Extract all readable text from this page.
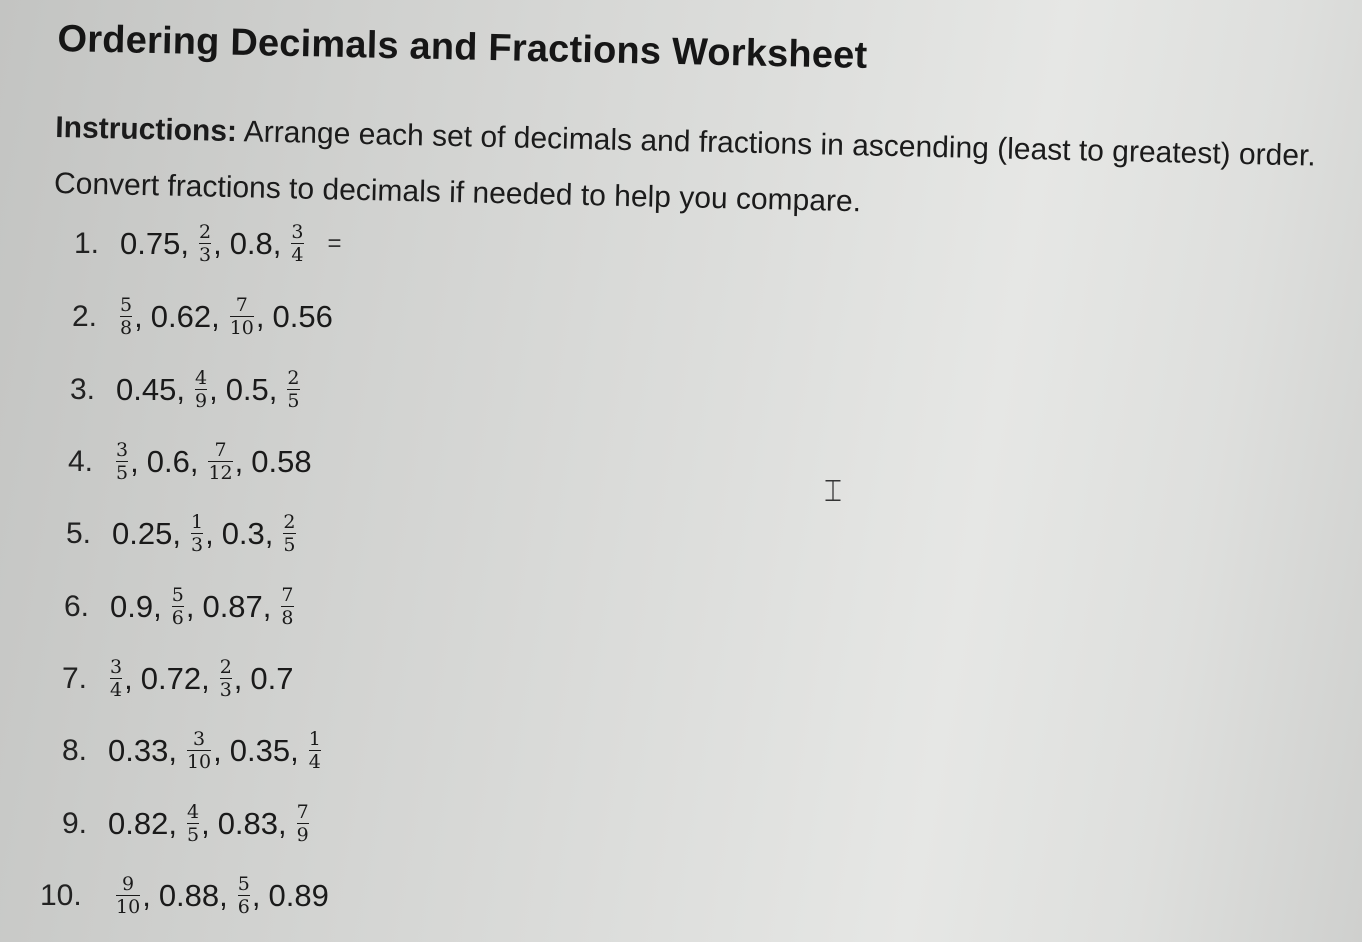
Ordering Decimals and Fractions Worksheet
Instructions: Arrange each set of decimals and fractions in ascending (least to greatest) order.
Convert fractions to decimals if needed to help you compare.
1. 0.75 , $\frac{2}{3}$ , 0.8 , $\frac{3}{4}$ =
2.	$\frac{5}{8}$ , 0.62 , $\frac{7}{10}$ , 0.56
3. 0.45 , $\frac{4}{9}$ , 0.5 , $\frac{2}{5}$
4.	$\frac{3}{5}$ , 0.6 , $\frac{7}{12}$ , 0.58
5. 0.25 , $\frac{1}{3}$ , 0.3 , $\frac{2}{5}$
6. 0.9 , $\frac{5}{6}$ , 0.87 , $\frac{7}{8}$
7.	$\frac{3}{4}$ , 0.72 , $\frac{2}{3}$ , 0.7
8. 0.33 , $\frac{3}{10}$ , 0.35 , $\frac{1}{4}$
9. 0.82 , $\frac{4}{5}$ , 0.83 , $\frac{7}{9}$
10.	$\frac{9}{10}$ , 0.88 , $\frac{5}{6}$ , 0.89
⌶
